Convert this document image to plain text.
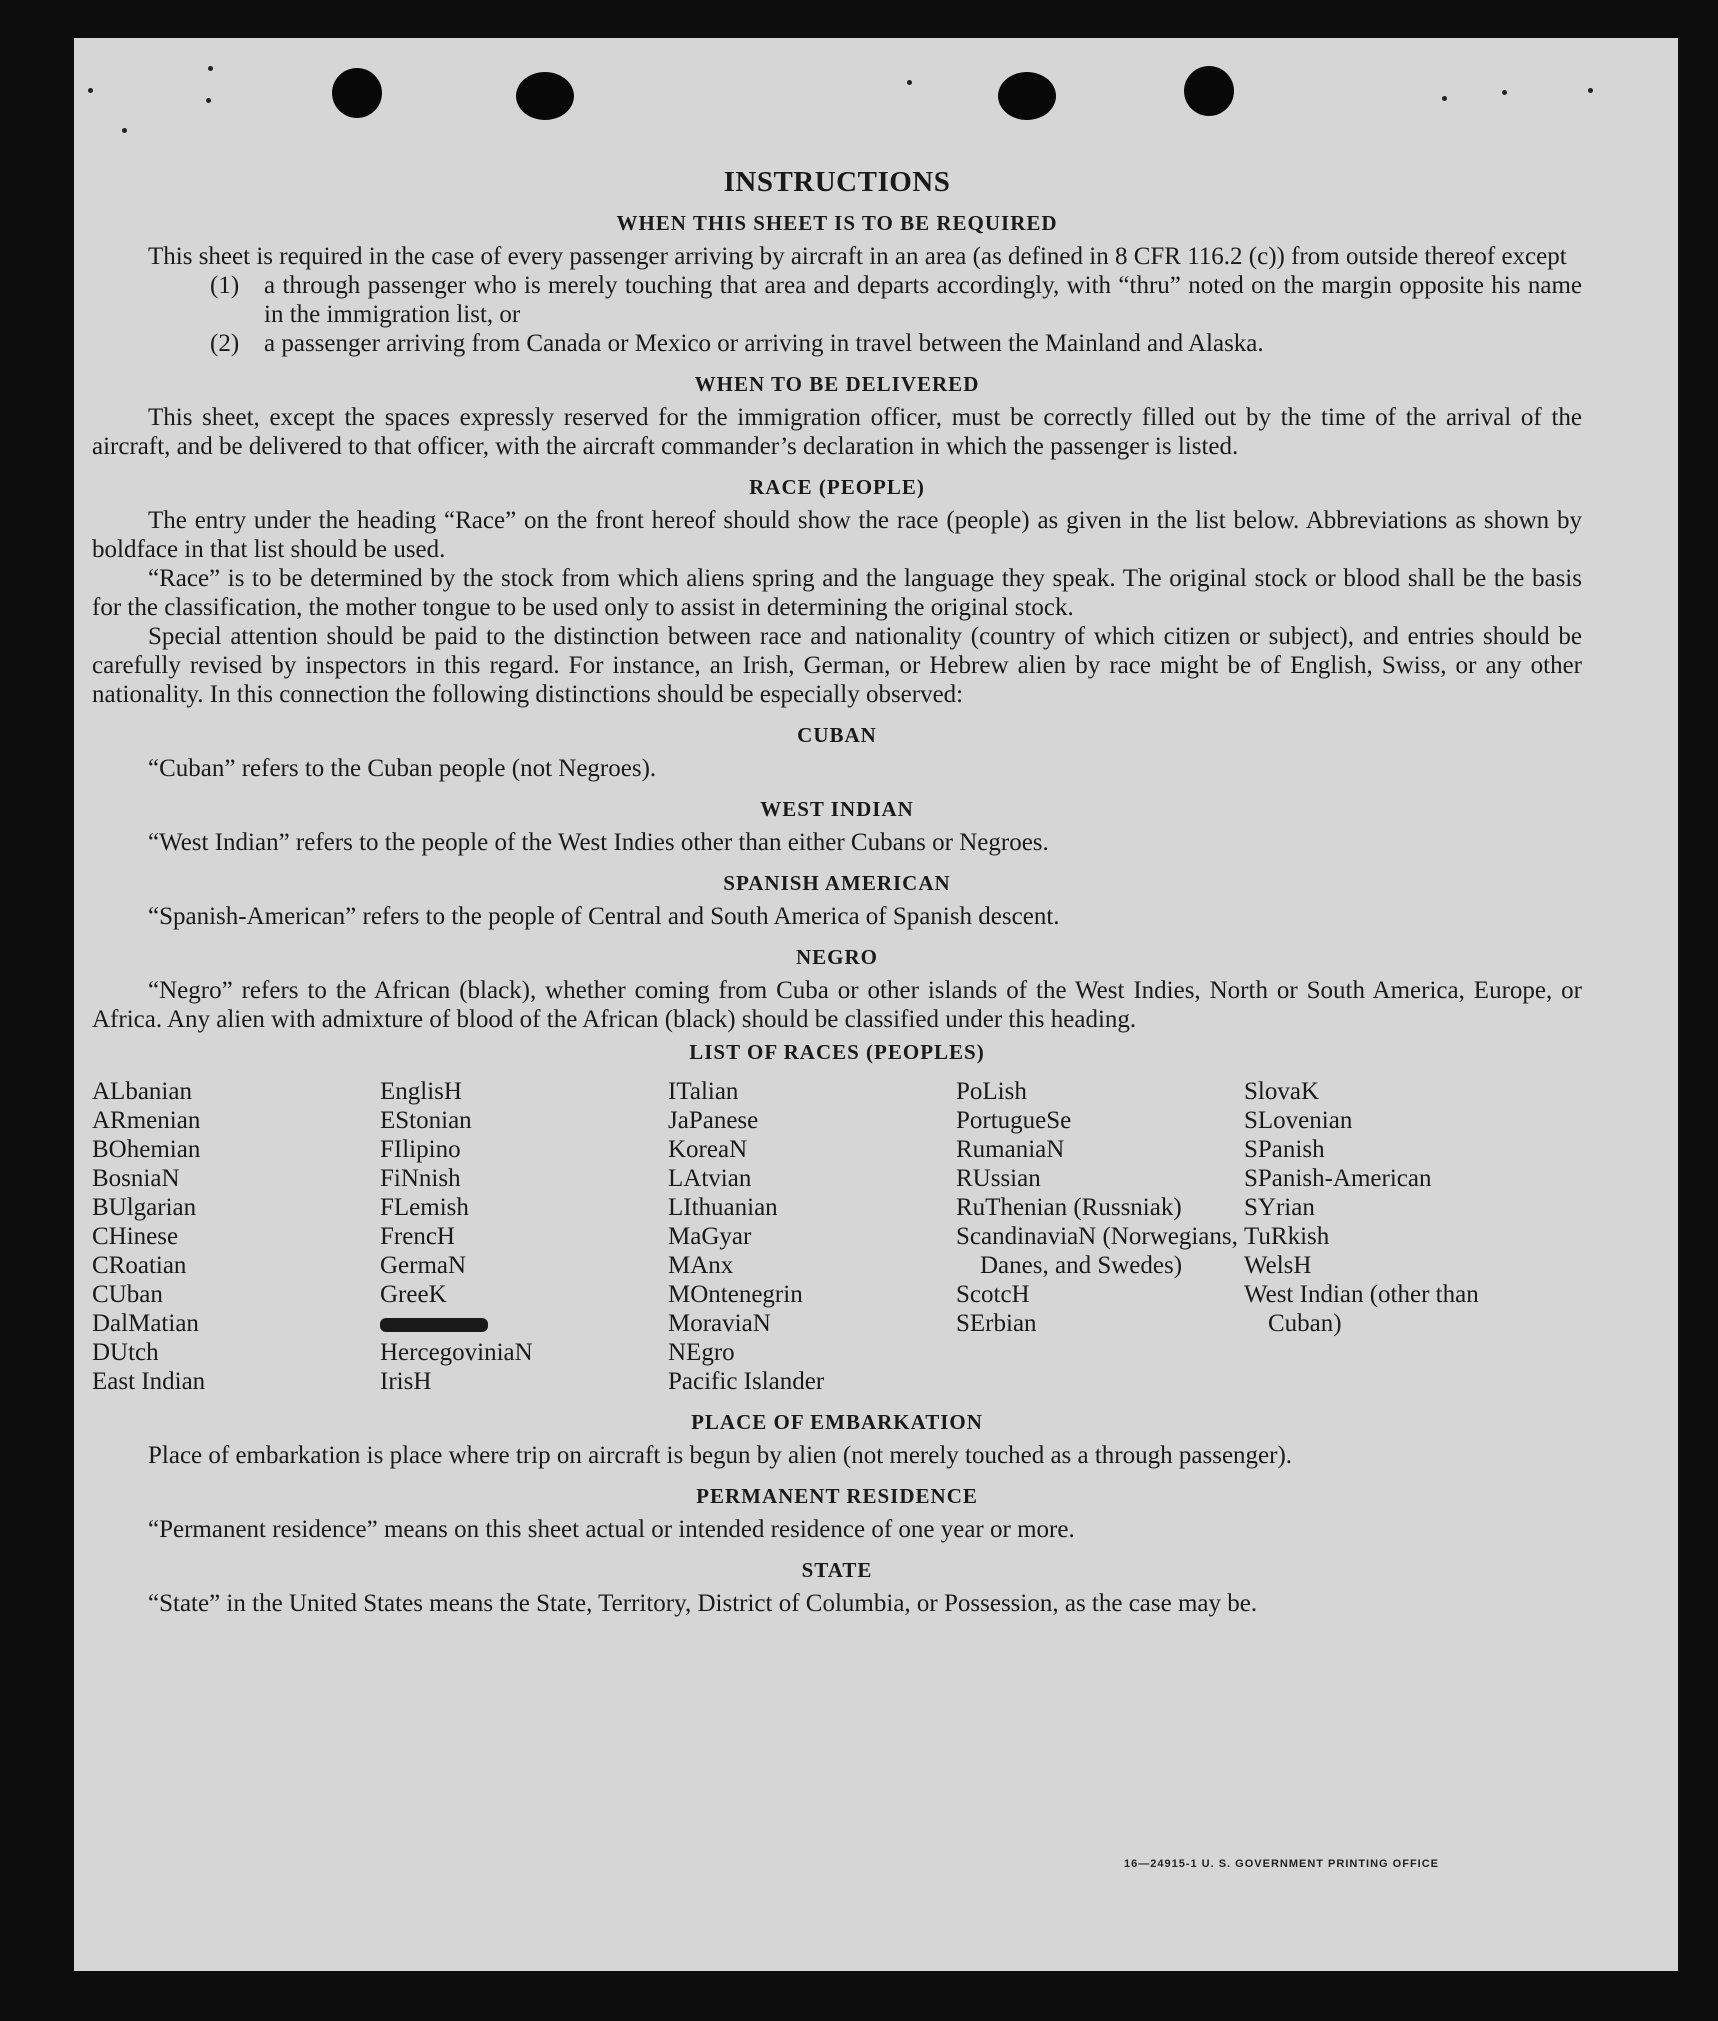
INSTRUCTIONS
WHEN THIS SHEET IS TO BE REQUIRED

This sheet is required in the case of every passenger arriving by aircraft in an area (as defined in 8 CFR 116.2 (c)) from outside thereof except

(1) a through passenger who is merely touching that area and departs accordingly, with “thru” noted on the margin opposite his name in the immigration list, or
(2) a passenger arriving from Canada or Mexico or arriving in travel between the Mainland and Alaska.
WHEN TO BE DELIVERED

This sheet, except the spaces expressly reserved for the immigration officer, must be correctly filled out by the time of the arrival of the aircraft, and be delivered to that officer, with the aircraft commander’s declaration in which the passenger is listed.

RACE (PEOPLE)

The entry under the heading “Race” on the front hereof should show the race (people) as given in the list below. Abbreviations as shown by boldface in that list should be used.

“Race” is to be determined by the stock from which aliens spring and the language they speak. The original stock or blood shall be the basis for the classification, the mother tongue to be used only to assist in determining the original stock.

Special attention should be paid to the distinction between race and nationality (country of which citizen or subject), and entries should be carefully revised by inspectors in this regard. For instance, an Irish, German, or Hebrew alien by race might be of English, Swiss, or any other nationality. In this connection the following distinctions should be especially observed:

CUBAN

“Cuban” refers to the Cuban people (not Negroes).

WEST INDIAN

“West Indian” refers to the people of the West Indies other than either Cubans or Negroes.

SPANISH AMERICAN

“Spanish-American” refers to the people of Central and South America of Spanish descent.

NEGRO

“Negro” refers to the African (black), whether coming from Cuba or other islands of the West Indies, North or South America, Europe, or Africa. Any alien with admixture of blood of the African (black) should be classified under this heading.

LIST OF RACES (PEOPLES)
ALbanian
ARmenian
BOhemian
BosniaN
BUlgarian
CHinese
CRoatian
CUban
DalMatian
DUtch
East Indian
EnglisH
EStonian
FIlipino
FiNnish
FLemish
FrencH
GermaN
GreeK
HercegoviniaN
IrisH
ITalian
JaPanese
KoreaN
LAtvian
LIthuanian
MaGyar
MAnx
MOntenegrin
MoraviaN
NEgro
Pacific Islander
PoLish
PortugueSe
RumaniaN
RUssian
RuThenian (Russniak)
ScandinaviaN (Norwegians, Danes, and Swedes)
ScotcH
SErbian
SlovaK
SLovenian
SPanish
SPanish-American
SYrian
TuRkish
WelsH
West Indian (other than Cuban)
PLACE OF EMBARKATION

Place of embarkation is place where trip on aircraft is begun by alien (not merely touched as a through passenger).

PERMANENT RESIDENCE

“Permanent residence” means on this sheet actual or intended residence of one year or more.

STATE

“State” in the United States means the State, Territory, District of Columbia, or Possession, as the case may be.

16—24915-1 U. S. GOVERNMENT PRINTING OFFICE
